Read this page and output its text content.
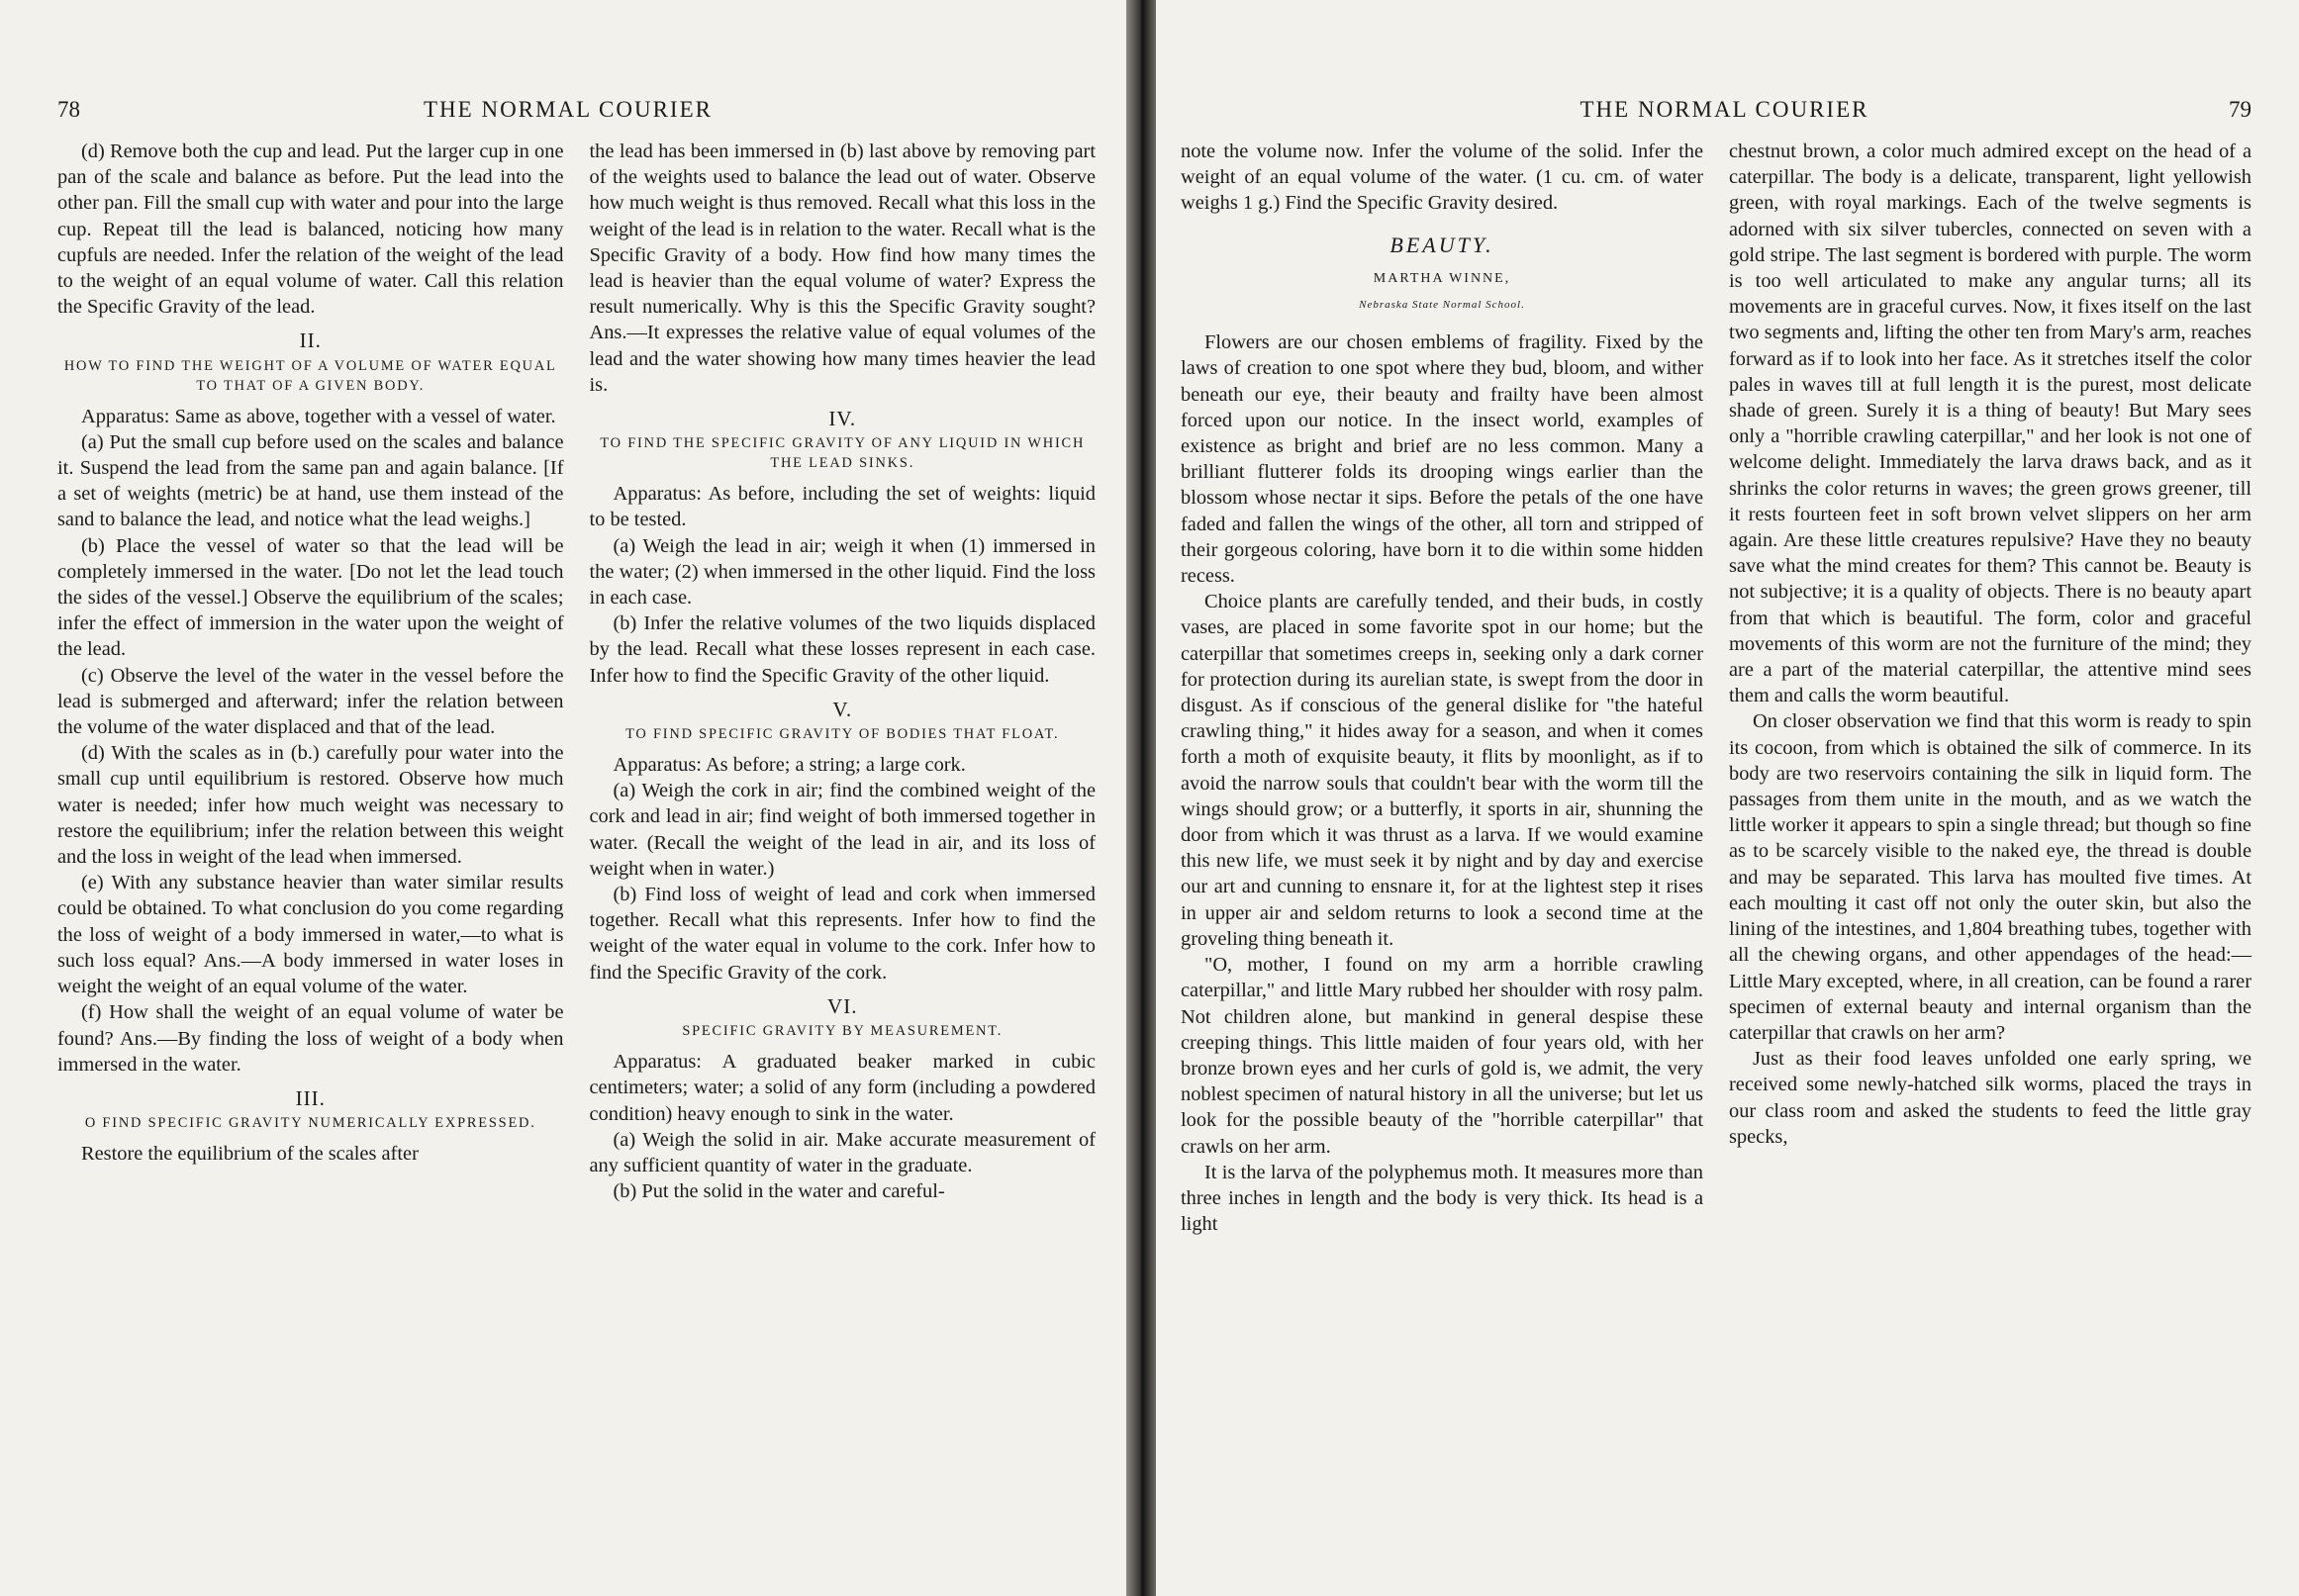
78	THE NORMAL COURIER

(d) Remove both the cup and lead. Put the larger cup in one pan of the scale and balance as before. Put the lead into the other pan. Fill the small cup with water and pour into the large cup. Repeat till the lead is balanced, noticing how many cupfuls are needed. Infer the relation of the weight of the lead to the weight of an equal volume of water. Call this relation the Specific Gravity of the lead.

II.
HOW TO FIND THE WEIGHT OF A VOLUME OF WATER EQUAL TO THAT OF A GIVEN BODY.

Apparatus: Same as above, together with a vessel of water.

(a) Put the small cup before used on the scales and balance it. Suspend the lead from the same pan and again balance. [If a set of weights (metric) be at hand, use them instead of the sand to balance the lead, and notice what the lead weighs.]

(b) Place the vessel of water so that the lead will be completely immersed in the water. [Do not let the lead touch the sides of the vessel.] Observe the equilibrium of the scales; infer the effect of immersion in the water upon the weight of the lead.

(c) Observe the level of the water in the vessel before the lead is submerged and afterward; infer the relation between the volume of the water displaced and that of the lead.

(d) With the scales as in (b.) carefully pour water into the small cup until equilibrium is restored. Observe how much water is needed; infer how much weight was necessary to restore the equilibrium; infer the relation between this weight and the loss in weight of the lead when immersed.

(e) With any substance heavier than water similar results could be obtained. To what conclusion do you come regarding the loss of weight of a body immersed in water,—to what is such loss equal? Ans.—A body immersed in water loses in weight the weight of an equal volume of the water.

(f) How shall the weight of an equal volume of water be found? Ans.—By finding the loss of weight of a body when immersed in the water.

III.
O FIND SPECIFIC GRAVITY NUMERICALLY EXPRESSED.

Restore the equilibrium of the scales after

the lead has been immersed in (b) last above by removing part of the weights used to balance the lead out of water. Observe how much weight is thus removed. Recall what this loss in the weight of the lead is in relation to the water. Recall what is the Specific Gravity of a body. How find how many times the lead is heavier than the equal volume of water? Express the result numerically. Why is this the Specific Gravity sought? Ans.—It expresses the relative value of equal volumes of the lead and the water showing how many times heavier the lead is.

IV.
TO FIND THE SPECIFIC GRAVITY OF ANY LIQUID IN WHICH THE LEAD SINKS.

Apparatus: As before, including the set of weights: liquid to be tested.

(a) Weigh the lead in air; weigh it when (1) immersed in the water; (2) when immersed in the other liquid. Find the loss in each case.

(b) Infer the relative volumes of the two liquids displaced by the lead. Recall what these losses represent in each case. Infer how to find the Specific Gravity of the other liquid.

V.
TO FIND SPECIFIC GRAVITY OF BODIES THAT FLOAT.

Apparatus: As before; a string; a large cork.

(a) Weigh the cork in air; find the combined weight of the cork and lead in air; find weight of both immersed together in water. (Recall the weight of the lead in air, and its loss of weight when in water.)

(b) Find loss of weight of lead and cork when immersed together. Recall what this represents. Infer how to find the weight of the water equal in volume to the cork. Infer how to find the Specific Gravity of the cork.

VI.
SPECIFIC GRAVITY BY MEASUREMENT.

Apparatus: A graduated beaker marked in cubic centimeters; water; a solid of any form (including a powdered condition) heavy enough to sink in the water.

(a) Weigh the solid in air. Make accurate measurement of any sufficient quantity of water in the graduate.

(b) Put the solid in the water and careful-

THE NORMAL COURIER	79

note the volume now. Infer the volume of the solid. Infer the weight of an equal volume of the water. (1 cu. cm. of water weighs 1 g.) Find the Specific Gravity desired.

BEAUTY.
MARTHA WINNE,
Nebraska State Normal School.

Flowers are our chosen emblems of fragility. Fixed by the laws of creation to one spot where they bud, bloom, and wither beneath our eye, their beauty and frailty have been almost forced upon our notice. In the insect world, examples of existence as bright and brief are no less common. Many a brilliant flutterer folds its drooping wings earlier than the blossom whose nectar it sips. Before the petals of the one have faded and fallen the wings of the other, all torn and stripped of their gorgeous coloring, have born it to die within some hidden recess.

Choice plants are carefully tended, and their buds, in costly vases, are placed in some favorite spot in our home; but the caterpillar that sometimes creeps in, seeking only a dark corner for protection during its aurelian state, is swept from the door in disgust. As if conscious of the general dislike for "the hateful crawling thing," it hides away for a season, and when it comes forth a moth of exquisite beauty, it flits by moonlight, as if to avoid the narrow souls that couldn't bear with the worm till the wings should grow; or a butterfly, it sports in air, shunning the door from which it was thrust as a larva. If we would examine this new life, we must seek it by night and by day and exercise our art and cunning to ensnare it, for at the lightest step it rises in upper air and seldom returns to look a second time at the groveling thing beneath it.

"O, mother, I found on my arm a horrible crawling caterpillar," and little Mary rubbed her shoulder with rosy palm. Not children alone, but mankind in general despise these creeping things. This little maiden of four years old, with her bronze brown eyes and her curls of gold is, we admit, the very noblest specimen of natural history in all the universe; but let us look for the possible beauty of the "horrible caterpillar" that crawls on her arm.

It is the larva of the polyphemus moth. It measures more than three inches in length and the body is very thick. Its head is a light

chestnut brown, a color much admired except on the head of a caterpillar. The body is a delicate, transparent, light yellowish green, with royal markings. Each of the twelve segments is adorned with six silver tubercles, connected on seven with a gold stripe. The last segment is bordered with purple. The worm is too well articulated to make any angular turns; all its movements are in graceful curves. Now, it fixes itself on the last two segments and, lifting the other ten from Mary's arm, reaches forward as if to look into her face. As it stretches itself the color pales in waves till at full length it is the purest, most delicate shade of green. Surely it is a thing of beauty! But Mary sees only a "horrible crawling caterpillar," and her look is not one of welcome delight. Immediately the larva draws back, and as it shrinks the color returns in waves; the green grows greener, till it rests fourteen feet in soft brown velvet slippers on her arm again. Are these little creatures repulsive? Have they no beauty save what the mind creates for them? This cannot be. Beauty is not subjective; it is a quality of objects. There is no beauty apart from that which is beautiful. The form, color and graceful movements of this worm are not the furniture of the mind; they are a part of the material caterpillar, the attentive mind sees them and calls the worm beautiful.

On closer observation we find that this worm is ready to spin its cocoon, from which is obtained the silk of commerce. In its body are two reservoirs containing the silk in liquid form. The passages from them unite in the mouth, and as we watch the little worker it appears to spin a single thread; but though so fine as to be scarcely visible to the naked eye, the thread is double and may be separated. This larva has moulted five times. At each moulting it cast off not only the outer skin, but also the lining of the intestines, and 1,804 breathing tubes, together with all the chewing organs, and other appendages of the head:—Little Mary excepted, where, in all creation, can be found a rarer specimen of external beauty and internal organism than the caterpillar that crawls on her arm?

Just as their food leaves unfolded one early spring, we received some newly-hatched silk worms, placed the trays in our class room and asked the students to feed the little gray specks,
